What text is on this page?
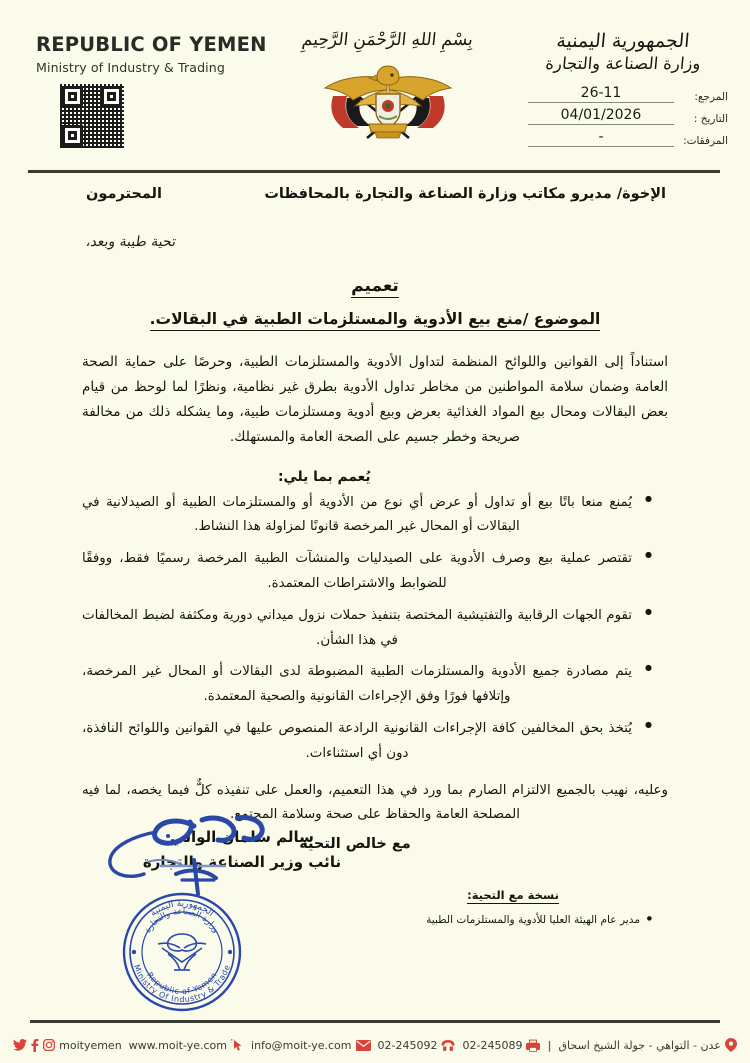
REPUBLIC OF YEMEN
Ministry of Industry & Trading
بِسْمِ اللهِ الرَّحْمَنِ الرَّحِيمِ	الجمهورية اليمنية
وزارة الصناعة والتجارة
المرجع:
26-11
التاريخ :
04/01/2026
المرفقات:
-
الإخوة/ مديرو مكاتب وزارة الصناعة والتجارة بالمحافظات
المحترمون
تحية طيبة وبعد،
تعميم
الموضوع /منع بيع الأدوية والمستلزمات الطبية في البقالات.
استناداً إلى القوانين واللوائح المنظمة لتداول الأدوية والمستلزمات الطبية، وحرصًا على حماية الصحة العامة وضمان سلامة المواطنين من مخاطر تداول الأدوية بطرق غير نظامية، ونظرًا لما لوحظ من قيام بعض البقالات ومحال بيع المواد الغذائية بعرض وبيع أدوية ومستلزمات طبية، وما يشكله ذلك من مخالفة صريحة وخطر جسيم على الصحة العامة والمستهلك.
يُعمم بما يلي:
● يُمنع منعا باتًا بيع أو تداول أو عرض أي نوع من الأدوية أو والمستلزمات الطبية أو الصيدلانية في البقالات أو المحال غير المرخصة قانونًا لمزاولة هذا النشاط.
● تقتصر عملية بيع وصرف الأدوية على الصيدليات والمنشآت الطبية المرخصة رسميًا فقط، ووفقًا للضوابط والاشتراطات المعتمدة.
● تقوم الجهات الرقابية والتفتيشية المختصة بتنفيذ حملات نزول ميداني دورية ومكثفة لضبط المخالفات في هذا الشأن.
● يتم مصادرة جميع الأدوية والمستلزمات الطبية المضبوطة لدى البقالات أو المحال غير المرخصة، وإتلافها فورًا وفق الإجراءات القانونية والصحية المعتمدة.
● يُتخذ بحق المخالفين كافة الإجراءات القانونية الرادعة المنصوص عليها في القوانين واللوائح النافذة، دون أي استثناءات.
وعليه، نهيب بالجميع الالتزام الصارم بما ورد في هذا التعميم، والعمل على تنفيذه كلٌّ فيما يخصه، لما فيه المصلحة العامة والحفاظ على صحة وسلامة المجتمع.
مع خالص التحية
سالم سلمان الوالي
نائب وزير الصناعة والتجارة
الجمهورية اليمنية
وزارة الصناعة والتجارة
Ministry Of Industry & Trade
Republic of Yemen
نسخة مع التحية:
● مدير عام الهيئة العليا للأدوية والمستلزمات الطبية
عدن - التواهي - جولة الشيخ اسحاق
|
02-245089
02-245092
info@moit-ye.com
www.moit-ye.com
moityemen
